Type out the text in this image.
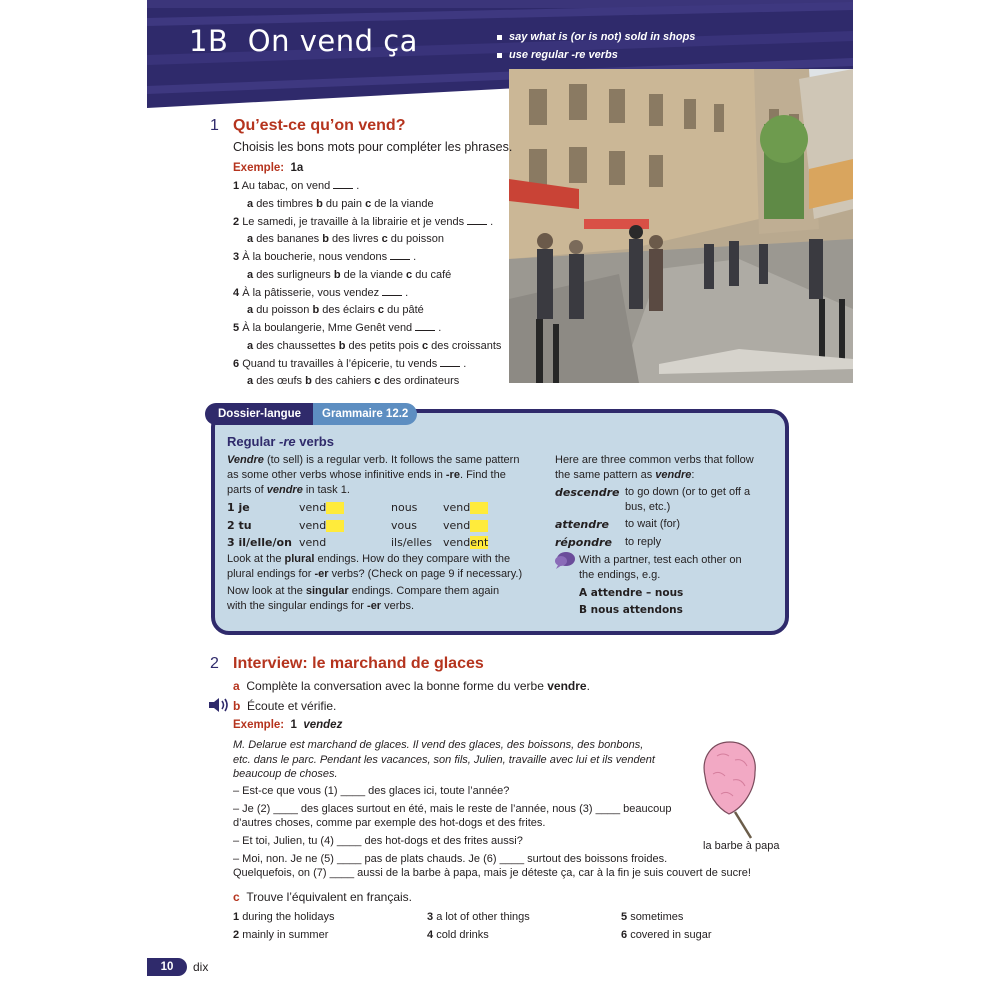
1B On vend ça	say what is (or is not) sold in shops
use regular -re verbs
1 Qu’est-ce qu’on vend?
Choisis les bons mots pour compléter les phrases.
Exemple: 1a
1 Au tabac, on vend .
a des timbres b du pain c de la viande
2 Le samedi, je travaille à la librairie et je vends .
a des bananes b des livres c du poisson
3 À la boucherie, nous vendons .
a des surligneurs b de la viande c du café
4 À la pâtisserie, vous vendez .
a du poisson b des éclairs c du pâté
5 À la boulangerie, Mme Genêt vend .
a des chaussettes b des petits pois c des croissants
6 Quand tu travailles à l’épicerie, tu vends .
a des œufs b des cahiers c des ordinateurs
Dossier-langue	Grammaire 12.2
Regular -re verbs
Vendre (to sell) is a regular verb. It follows the same pattern
as some other verbs whose infinitive ends in -re. Find the
parts of vendre in task 1.
1 je	vend	nous vend
2 tu	vend	vous vend
3 il/elle/on vend	ils/elles vendent
Look at the plural endings. How do they compare with the
plural endings for -er verbs? (Check on page 9 if necessary.)
Now look at the singular endings. Compare them again
with the singular endings for -er verbs.
Here are three common verbs that follow
the same pattern as vendre:
descendre to go down (or to get off a
bus, etc.)
attendre to wait (for)
répondre to reply
With a partner, test each other on
the endings, e.g.
A attendre – nous
B nous attendons
2 Interview: le marchand de glaces
a Complète la conversation avec la bonne forme du verbe vendre.
b Écoute et vérifie.
Exemple: 1 vendez
M. Delarue est marchand de glaces. Il vend des glaces, des boissons, des bonbons,
etc. dans le parc. Pendant les vacances, son fils, Julien, travaille avec lui et ils vendent
beaucoup de choses.
– Est-ce que vous (1) ____ des glaces ici, toute l’année?
– Je (2) ____ des glaces surtout en été, mais le reste de l’année, nous (3) ____ beaucoup
d’autres choses, comme par exemple des hot-dogs et des frites.
– Et toi, Julien, tu (4) ____ des hot-dogs et des frites aussi?
– Moi, non. Je ne (5) ____ pas de plats chauds. Je (6) ____ surtout des boissons froides.
Quelquefois, on (7) ____ aussi de la barbe à papa, mais je déteste ça, car à la fin je suis couvert de sucre!
la barbe à papa
c Trouve l’équivalent en français.
1 during the holidays
2 mainly in summer
3 a lot of other things
4 cold drinks
5 sometimes
6 covered in sugar
10	dix
